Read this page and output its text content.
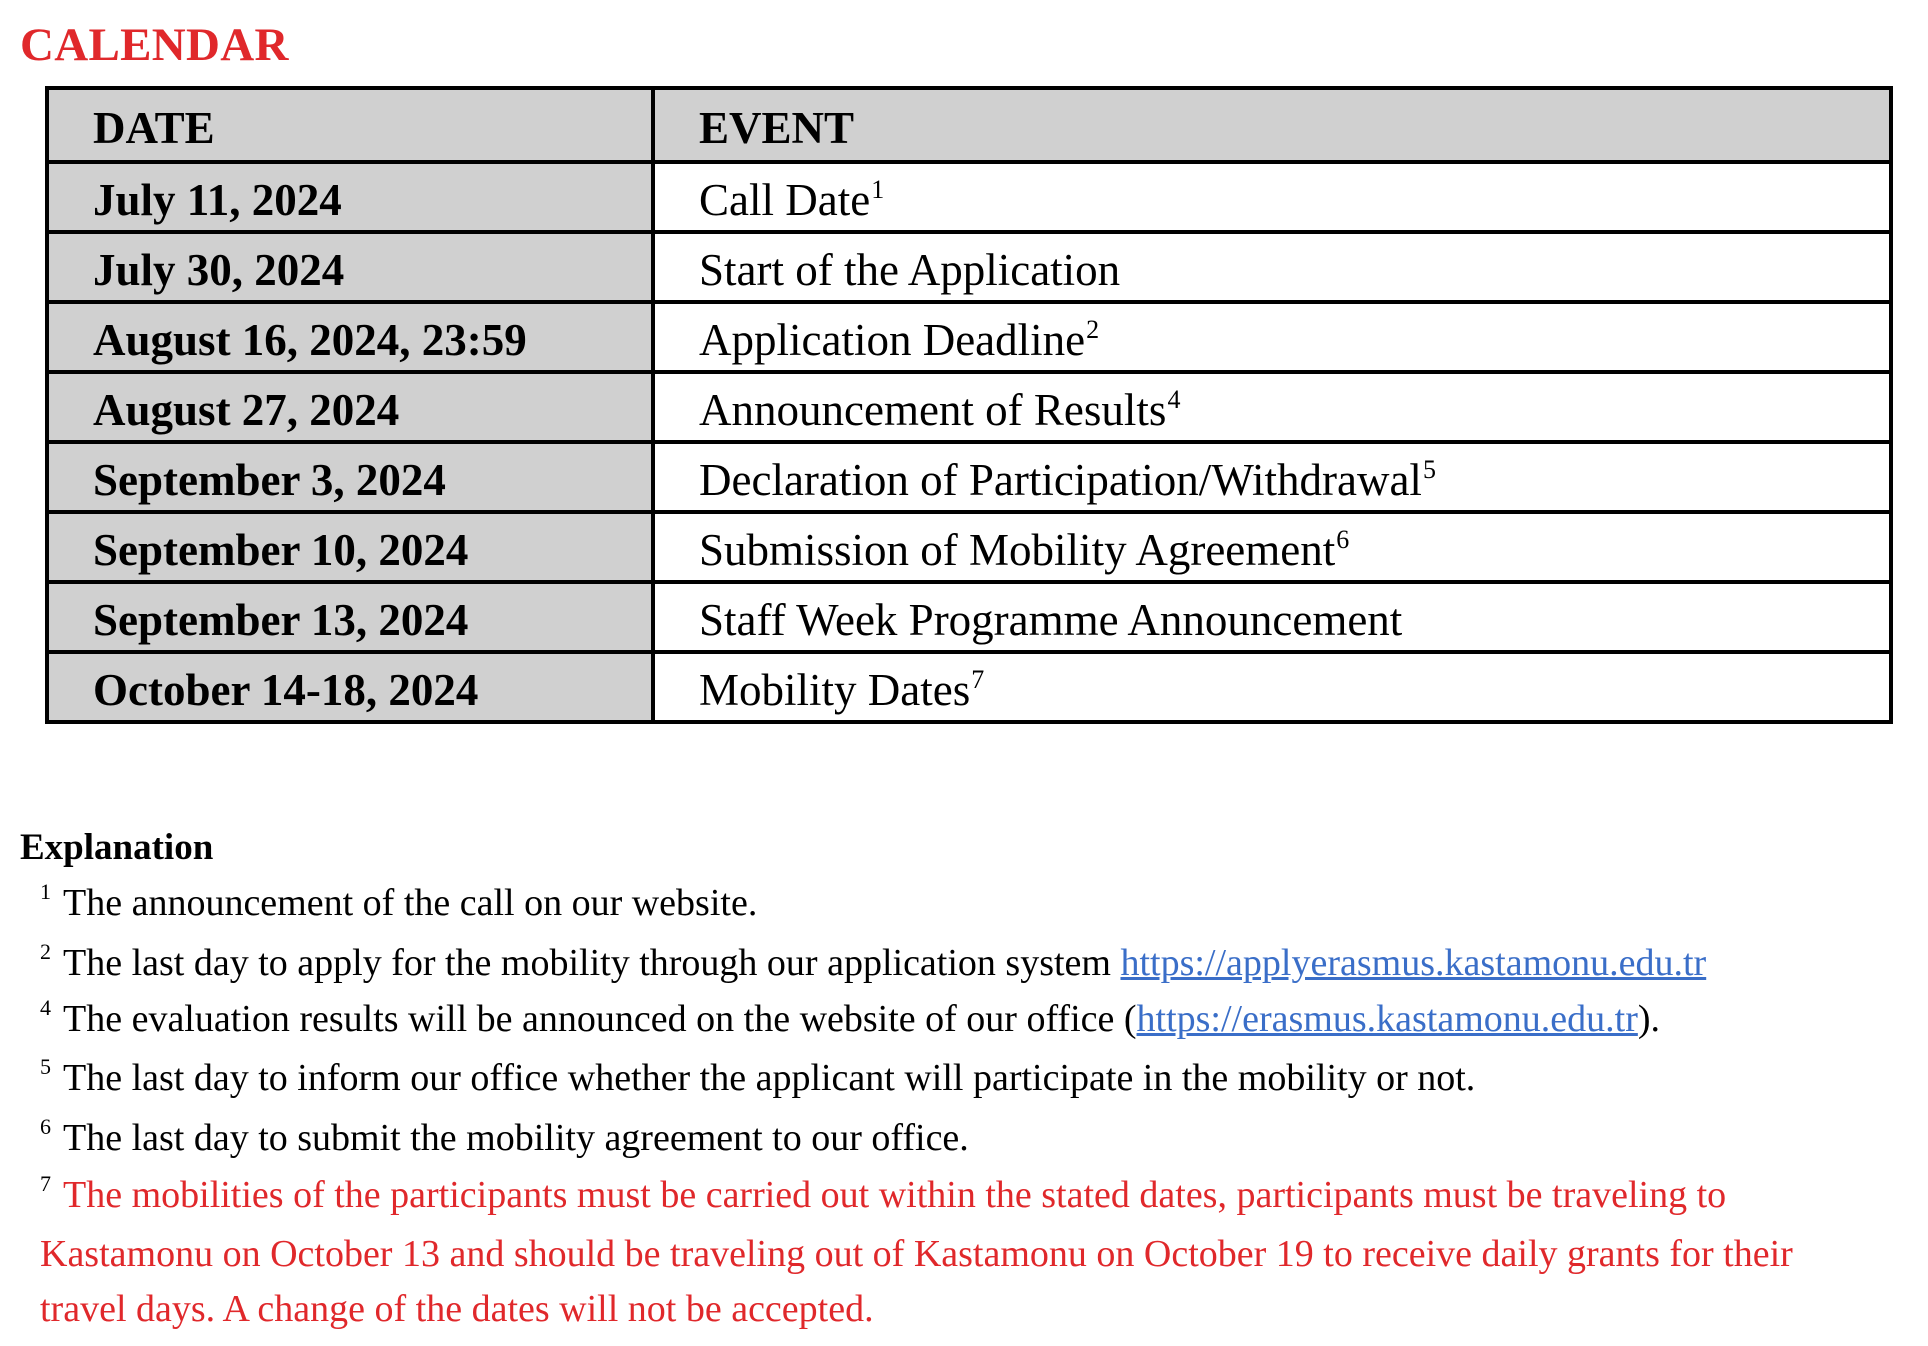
CALENDAR
DATE	EVENT
July 11, 2024	Call Date$^1$
July 30, 2024	Start of the Application
August 16, 2024, 23:59	Application Deadline$^2$
August 27, 2024	Announcement of Results$^4$
September 3, 2024	Declaration of Participation/Withdrawal$^5$
September 10, 2024	Submission of Mobility Agreement$^6$
September 13, 2024	Staff Week Programme Announcement
October 14-18, 2024	Mobility Dates$^7$
Explanation
$^1$ The announcement of the call on our website.
$^2$ The last day to apply for the mobility through our application system https://applyerasmus.kastamonu.edu.tr
$^4$ The evaluation results will be announced on the website of our office (https://erasmus.kastamonu.edu.tr).
$^5$ The last day to inform our office whether the applicant will participate in the mobility or not.
$^6$ The last day to submit the mobility agreement to our office.
$^7$ The mobilities of the participants must be carried out within the stated dates, participants must be traveling to Kastamonu on October 13 and should be traveling out of Kastamonu on October 19 to receive daily grants for their travel days. A change of the dates will not be accepted.
